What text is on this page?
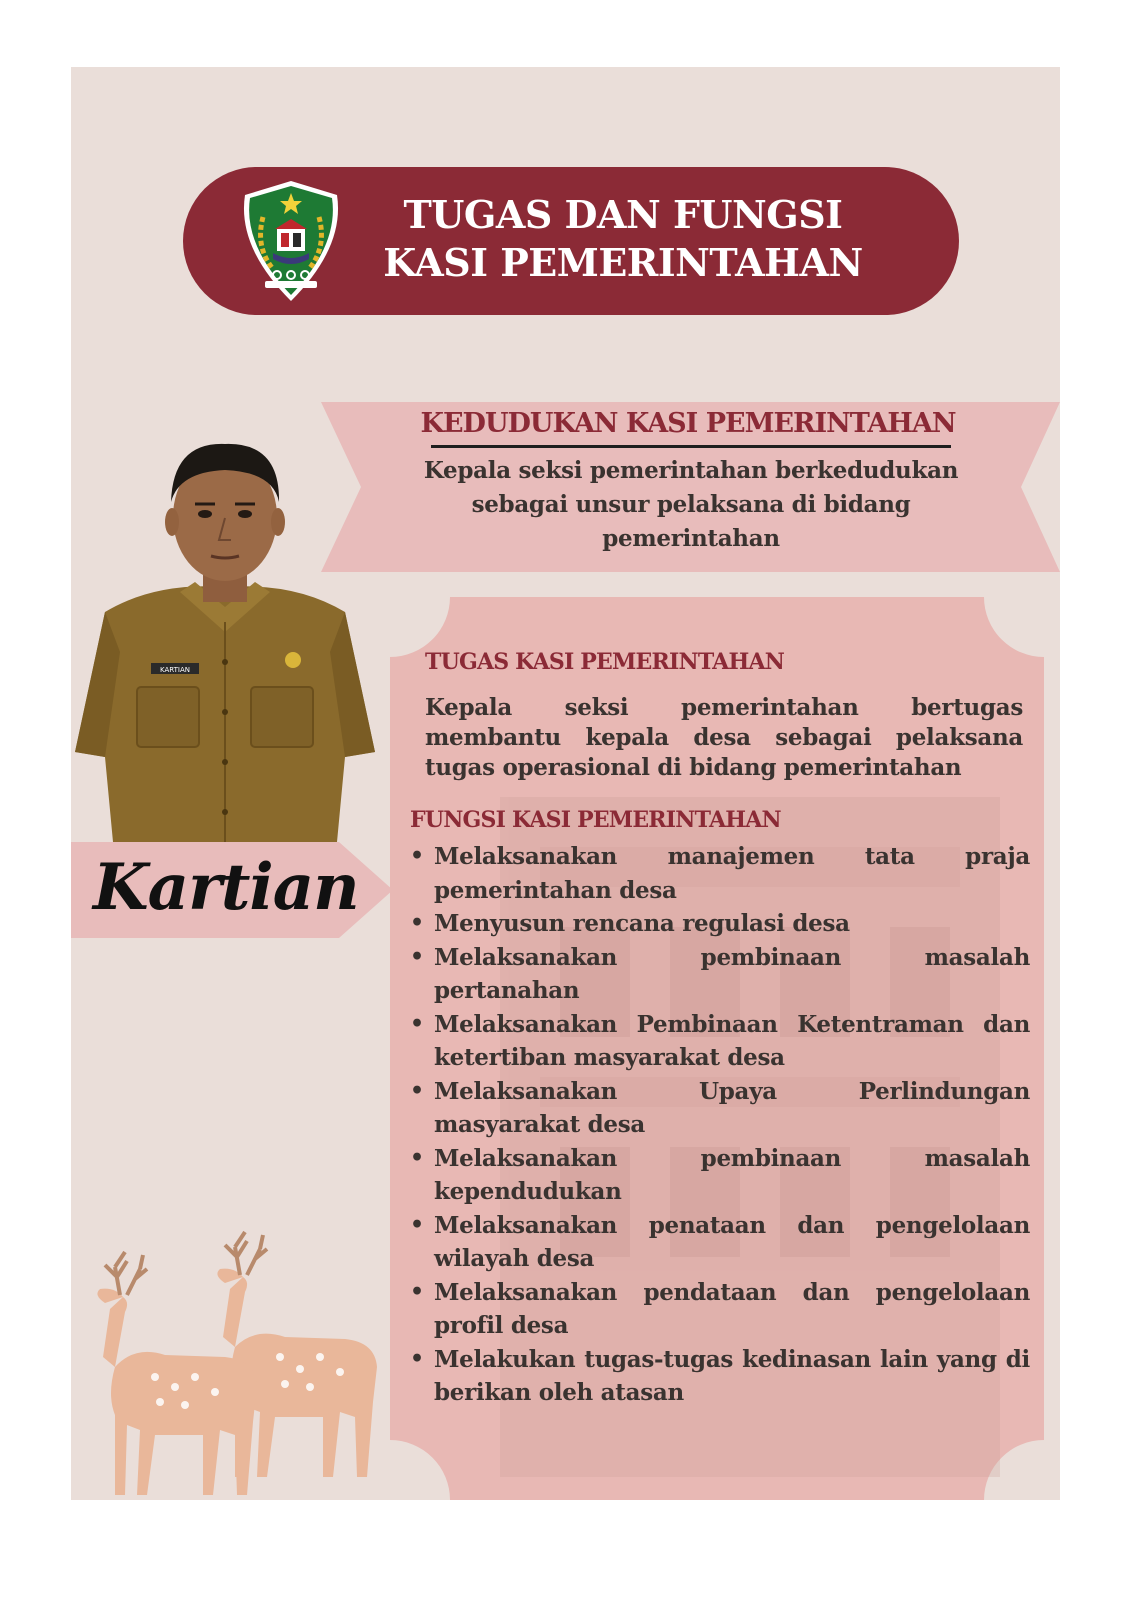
TUGAS DAN FUNGSI
KASI PEMERINTAHAN
KEDUDUKAN KASI PEMERINTAHAN
Kepala seksi pemerintahan berkedudukan
sebagai unsur pelaksana di bidang
pemerintahan
KARTIAN
Kartian
TUGAS KASI PEMERINTAHAN
Kepala seksi pemerintahan bertugas membantu kepala desa sebagai pelaksana tugas operasional di bidang pemerintahan
FUNGSI KASI PEMERINTAHAN
• Melaksanakan manajemen tata praja pemerintahan desa
• Menyusun rencana regulasi desa
• Melaksanakan pembinaan masalah pertanahan
• Melaksanakan Pembinaan Ketentraman dan ketertiban masyarakat desa
• Melaksanakan Upaya Perlindungan masyarakat desa
• Melaksanakan pembinaan masalah kependudukan
• Melaksanakan penataan dan pengelolaan wilayah desa
• Melaksanakan pendataan dan pengelolaan profil desa
• Melakukan tugas-tugas kedinasan lain yang di berikan oleh atasan
